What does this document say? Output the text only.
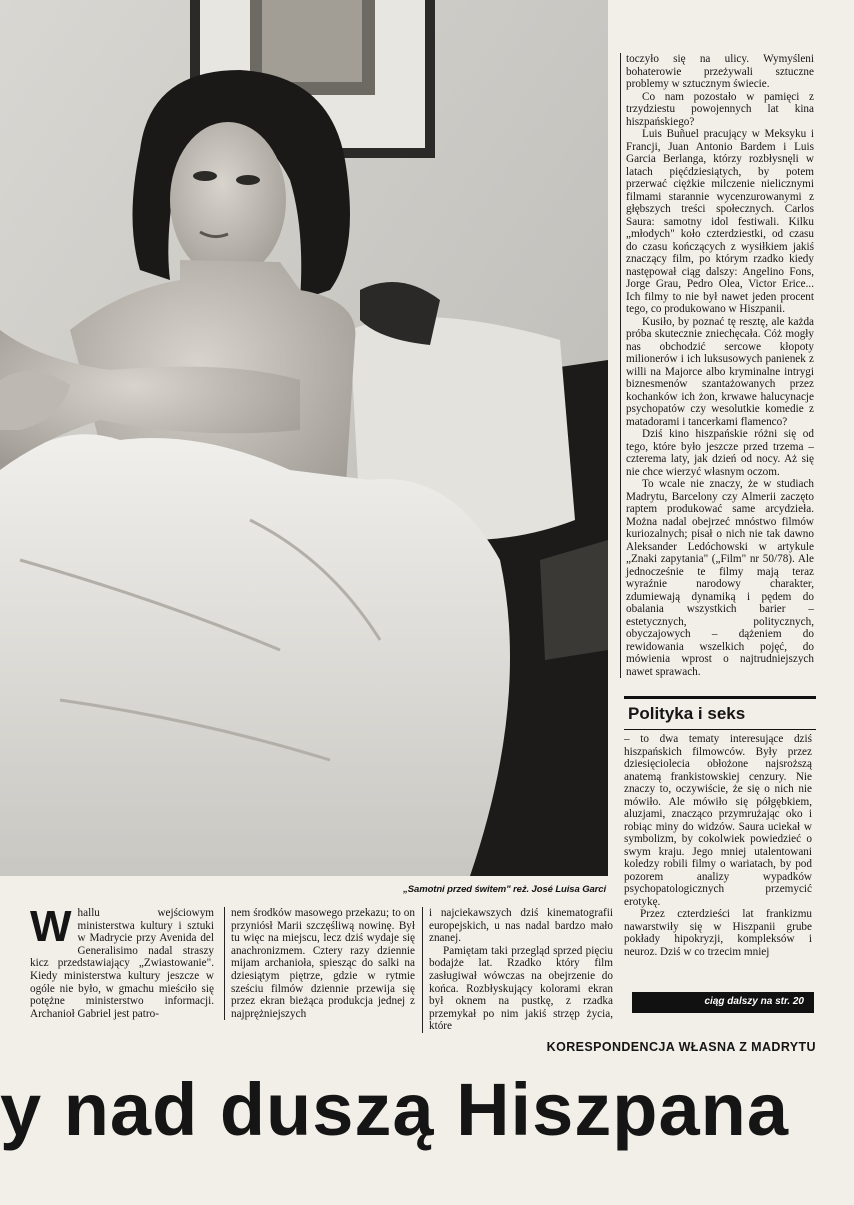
„Samotni przed świtem" reż. José Luisa Garci

toczyło się na ulicy. Wymyśleni bohaterowie przeżywali sztuczne problemy w sztucznym świecie.

Co nam pozostało w pamięci z trzydziestu powojennych lat kina hiszpańskiego?

Luis Buñuel pracujący w Meksyku i Francji, Juan Antonio Bardem i Luis Garcia Berlanga, którzy rozbłysnęli w latach pięćdziesiątych, by potem przerwać ciężkie milczenie nielicznymi filmami starannie wycenzurowanymi z głębszych treści społecznych. Carlos Saura: samotny idol festiwali. Kilku „młodych" koło czterdziestki, od czasu do czasu kończących z wysiłkiem jakiś znaczący film, po którym rzadko kiedy następował ciąg dalszy: Angelino Fons, Jorge Grau, Pedro Olea, Victor Erice... Ich filmy to nie był nawet jeden procent tego, co produkowano w Hiszpanii.

Kusiło, by poznać tę resztę, ale każda próba skutecznie zniechęcała. Cóż mogły nas obchodzić sercowe kłopoty milionerów i ich luksusowych panienek z willi na Majorce albo kryminalne intrygi biznesmenów szantażowanych przez kochanków ich żon, krwawe halucynacje psychopatów czy wesolutkie komedie z matadorami i tancerkami flamenco?

Dziś kino hiszpańskie różni się od tego, które było jeszcze przed trzema – czterema laty, jak dzień od nocy. Aż się nie chce wierzyć własnym oczom.

To wcale nie znaczy, że w studiach Madrytu, Barcelony czy Almerii zaczęto raptem produkować same arcydzieła. Można nadal obejrzeć mnóstwo filmów kuriozalnych; pisał o nich nie tak dawno Aleksander Ledóchowski w artykule „Znaki zapytania" („Film" nr 50/78). Ale jednocześnie te filmy mają teraz wyraźnie narodowy charakter, zdumiewają dynamiką i pędem do obalania wszystkich barier – estetycznych, politycznych, obyczajowych – dążeniem do rewidowania wszelkich pojęć, do mówienia wprost o najtrudniejszych nawet sprawach.

Polityka i seks

– to dwa tematy interesujące dziś hiszpańskich filmowców. Były przez dziesięciolecia obłożone najsroższą anatemą frankistowskiej cenzury. Nie znaczy to, oczywiście, że się o nich nie mówiło. Ale mówiło się półgębkiem, aluzjami, znacząco przymrużając oko i robiąc miny do widzów. Saura uciekał w symbolizm, by cokolwiek powiedzieć o swym kraju. Jego mniej utalentowani koledzy robili filmy o wariatach, by pod pozorem analizy wypadków psychopatologicznych przemycić erotykę.

Przez czterdzieści lat frankizmu nawarstwiły się w Hiszpanii grube pokłady hipokryzji, kompleksów i neuroz. Dziś w co trzecim mniej

W hallu wejściowym ministerstwa kultury i sztuki w Madrycie przy Avenida del Generalisimo nadal straszy kicz przedstawiający „Zwiastowanie". Kiedy ministerstwa kultury jeszcze w ogóle nie było, w gmachu mieściło się potężne ministerstwo informacji. Archanioł Gabriel jest patro-

nem środków masowego przekazu; to on przyniósł Marii szczęśliwą nowinę. Był tu więc na miejscu, lecz dziś wydaje się anachronizmem. Cztery razy dziennie mijam archanioła, spiesząc do salki na dziesiątym piętrze, gdzie w rytmie sześciu filmów dziennie przewija się przez ekran bieżąca produkcja jednej z najprężniejszych

i najciekawszych dziś kinematografii europejskich, u nas nadal bardzo mało znanej.

Pamiętam taki przegląd sprzed pięciu bodajże lat. Rzadko który film zasługiwał wówczas na obejrzenie do końca. Rozbłyskujący kolorami ekran był oknem na pustkę, z rzadka przemykał po nim jakiś strzęp życia, które

ciąg dalszy na str. 20
KORESPONDENCJA WŁASNA Z MADRYTU
y nad duszą Hiszpana
